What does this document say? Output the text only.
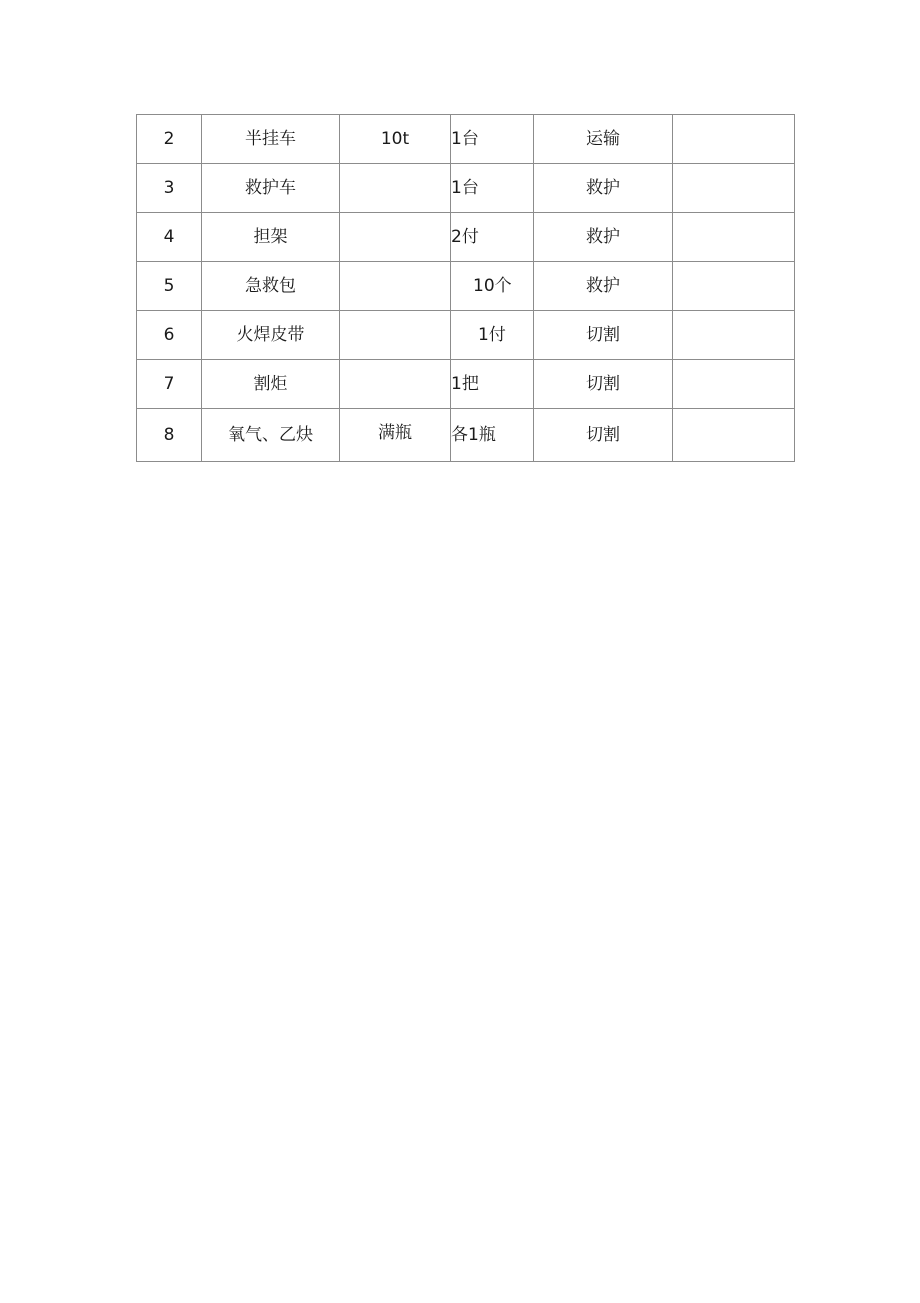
2	半挂车	10t	1台	运输	
3	救护车		1台	救护	
4	担架		2付	救护	
5	急救包		10个	救护	
6	火焊皮带		1付	切割	
7	割炬		1把	切割	
8	氧气、乙炔	满瓶	各1瓶	切割	
